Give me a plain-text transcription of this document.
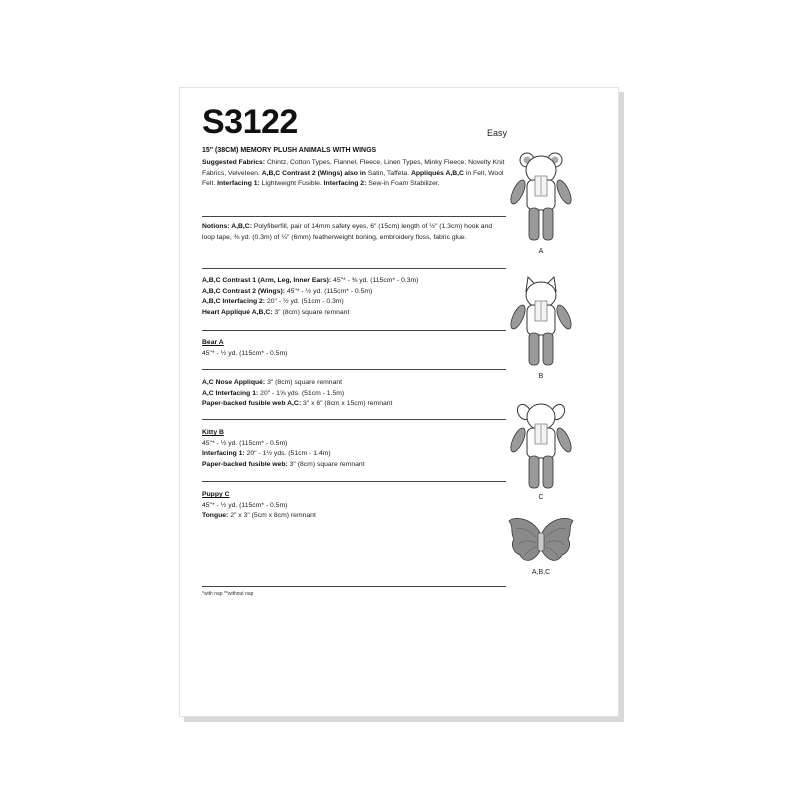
S3122	Easy
15" (38CM) MEMORY PLUSH ANIMALS WITH WINGS
Suggested Fabrics: Chintz, Cotton Types, Flannel, Fleece, Linen Types, Minky Fleece, Novelty Knit Fabrics, Velveteen. A,B,C Contrast 2 (Wings) also in Satin, Taffeta. Appliqués A,B,C in Felt, Wool Felt. Interfacing 1: Lightweight Fusible. Interfacing 2: Sew-in Foam Stabilizer.
Notions: A,B,C: Polyfiberfill, pair of 14mm safety eyes, 6" (15cm) length of ½" (1.3cm) hook and loop tape, ⅜ yd. (0.3m) of ¼" (6mm) featherweight boning, embroidery floss, fabric glue.
A,B,C Contrast 1 (Arm, Leg, Inner Ears): 45"* - ⅜ yd. (115cm* - 0.3m)
A,B,C Contrast 2 (Wings): 45"* - ½ yd. (115cm* - 0.5m)
A,B,C Interfacing 2: 20" - ½ yd. (51cm - 0.3m)
Heart Appliqué A,B,C: 3" (8cm) square remnant
Bear A
45"* - ½ yd. (115cm* - 0.5m)
A,C Nose Appliqué: 3" (8cm) square remnant
A,C Interfacing 1: 20" - 1⅝ yds. (51cm - 1.5m)
Paper-backed fusible web A,C: 3" x 6" (8cm x 15cm) remnant
Kitty B
45"* - ½ yd. (115cm* - 0.5m)
Interfacing 1: 20" - 1½ yds. (51cm - 1.4m)
Paper-backed fusible web: 3" (8cm) square remnant
Puppy C
45"* - ½ yd. (115cm* - 0.5m)
Tongue: 2" x 3" (5cm x 8cm) remnant
*with nap **without nap
A
B
C
A,B,C
